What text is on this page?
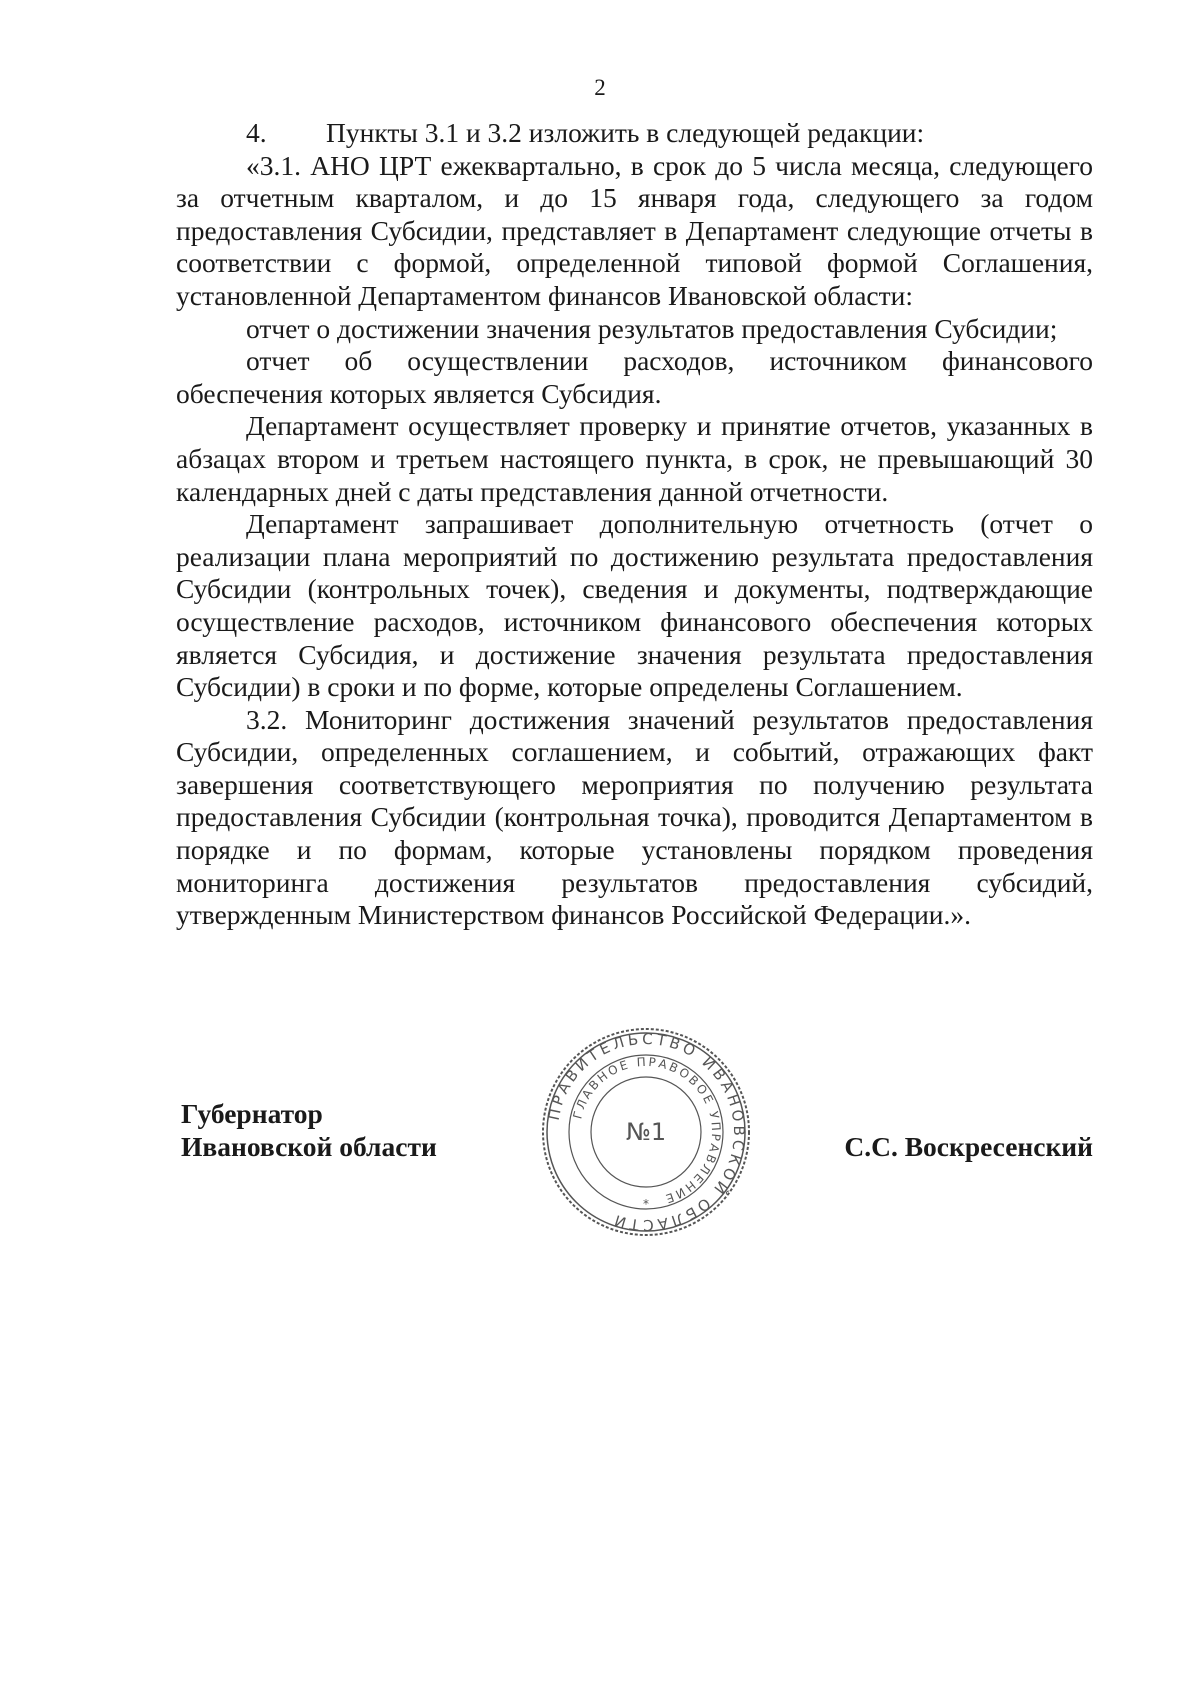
2

4. Пункты 3.1 и 3.2 изложить в следующей редакции:

«3.1. АНО ЦРТ ежеквартально, в срок до 5 числа месяца, следующего за отчетным кварталом, и до 15 января года, следующего за годом предоставления Субсидии, представляет в Департамент следующие отчеты в соответствии с формой, определенной типовой формой Соглашения, установленной Департаментом финансов Ивановской области:

отчет о достижении значения результатов предоставления Субсидии;

отчет об осуществлении расходов, источником финансового обеспечения которых является Субсидия.

Департамент осуществляет проверку и принятие отчетов, указанных в абзацах втором и третьем настоящего пункта, в срок, не превышающий 30 календарных дней с даты представления данной отчетности.

Департамент запрашивает дополнительную отчетность (отчет о реализации плана мероприятий по достижению результата предоставления Субсидии (контрольных точек), сведения и документы, подтверждающие осуществление расходов, источником финансового обеспечения которых является Субсидия, и достижение значения результата предоставления Субсидии) в сроки и по форме, которые определены Соглашением.

3.2. Мониторинг достижения значений результатов предоставления Субсидии, определенных соглашением, и событий, отражающих факт завершения соответствующего мероприятия по получению результата предоставления Субсидии (контрольная точка), проводится Департаментом в порядке и по формам, которые установлены порядком проведения мониторинга достижения результатов предоставления субсидий, утвержденным Министерством финансов Российской Федерации.».

Губернатор
Ивановской области
ПРАВИТЕЛЬСТВО ИВАНОВСКОЙ ОБЛАСТИ
ГЛАВНОЕ ПРАВОВОЕ УПРАВЛЕНИЕ
№1
*
С.С. Воскресенский
